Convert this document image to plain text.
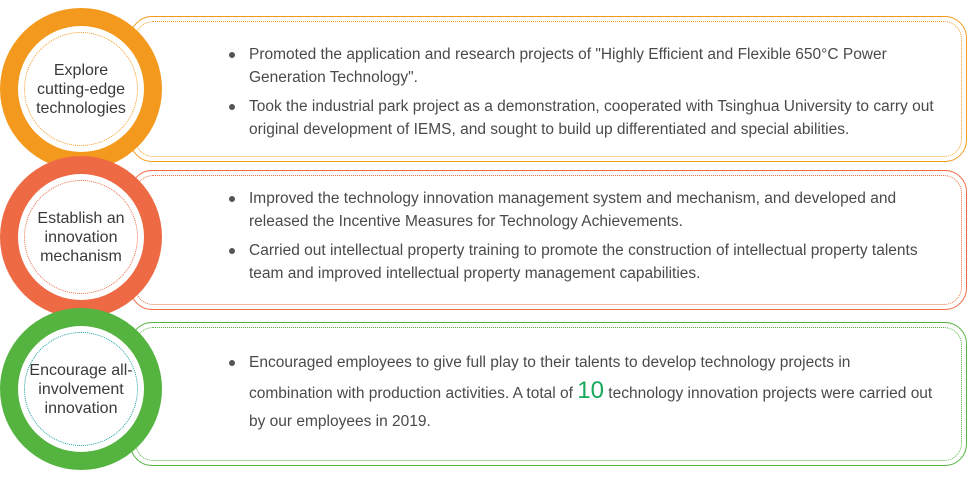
Promoted the application and research projects of "Highly Efficient and Flexible 650°C Power Generation Technology".
Took the industrial park project as a demonstration, cooperated with Tsinghua University to carry out original development of IEMS, and sought to build up differentiated and special abilities.
Explore
cutting-edge
technologies
Improved the technology innovation management system and mechanism, and developed and released the Incentive Measures for Technology Achievements.
Carried out intellectual property training to promote the construction of intellectual property talents team and improved intellectual property management capabilities.
Establish an
innovation
mechanism
Encouraged employees to give full play to their talents to develop technology projects in combination with production activities. A total of 10 technology innovation projects were carried out by our employees in 2019.
Encourage all-
involvement
innovation
